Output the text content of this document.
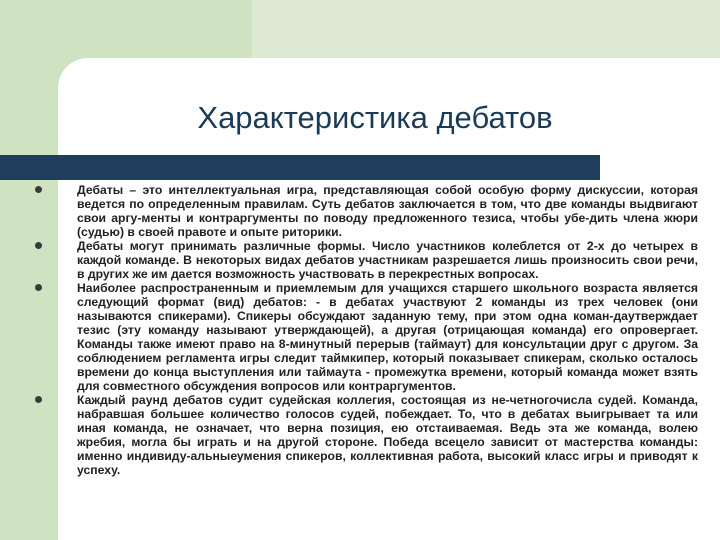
Характеристика дебатов
Дебаты – это интеллектуальная игра, представляющая собой особую форму дискуссии, которая ведется по определенным правилам. Суть дебатов заключается в том, что две команды выдвигают свои аргу-менты и контраргументы по поводу предложенного тезиса, чтобы убе-дить члена жюри (судью) в своей правоте и опыте риторики.
Дебаты могут принимать различные формы. Число участников колеблется от 2-х до четырех в каждой команде. В некоторых видах дебатов участникам разрешается лишь произносить свои речи, в других же им дается возможность участвовать в перекрестных вопросах.
Наиболее распространенным и приемлемым для учащихся старшего школьного возраста является следующий формат (вид) дебатов: - в дебатах участвуют 2 команды из трех человек (они называются спикерами). Спикеры обсуждают заданную тему, при этом одна коман-даутверждает тезис (эту команду называют утверждающей), а другая (отрицающая команда) его опровергает. Команды также имеют право на 8-минутный перерыв (таймаут) для консультации друг с другом. За соблюдением регламента игры следит таймкипер, который показывает спикерам, сколько осталось времени до конца выступления или таймаута - промежутка времени, который команда может взять для совместного обсуждения вопросов или контраргументов.
Каждый раунд дебатов судит судейская коллегия, состоящая из не-четногочисла судей. Команда, набравшая большее количество голосов судей, побеждает. То, что в дебатах выигрывает та или иная команда, не означает, что верна позиция, ею отстаиваемая. Ведь эта же команда, волею жребия, могла бы играть и на другой стороне. Победа всецело зависит от мастерства команды: именно индивиду-альныеумения спикеров, коллективная работа, высокий класс игры и приводят к успеху.
